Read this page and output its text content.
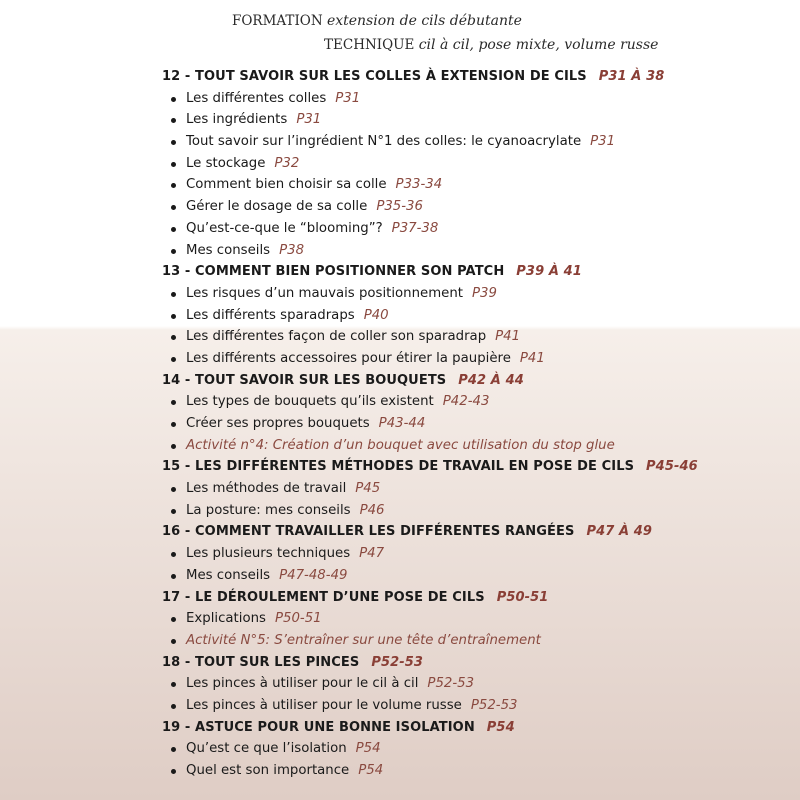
FORMATION extension de cils débutante
TECHNIQUE cil à cil, pose mixte, volume russe
12 - TOUT SAVOIR SUR LES COLLES À EXTENSION DE CILS P31 À 38
Les différentes colles P31
Les ingrédients P31
Tout savoir sur l’ingrédient N°1 des colles: le cyanoacrylate P31
Le stockage P32
Comment bien choisir sa colle P33-34
Gérer le dosage de sa colle P35-36
Qu’est-ce-que le “blooming”? P37-38
Mes conseils P38
13 - COMMENT BIEN POSITIONNER SON PATCH P39 À 41
Les risques d’un mauvais positionnement P39
Les différents sparadraps P40
Les différentes façon de coller son sparadrap P41
Les différents accessoires pour étirer la paupière P41
14 - TOUT SAVOIR SUR LES BOUQUETS P42 À 44
Les types de bouquets qu’ils existent P42-43
Créer ses propres bouquets P43-44
Activité n°4: Création d’un bouquet avec utilisation du stop glue
15 - LES DIFFÉRENTES MÉTHODES DE TRAVAIL EN POSE DE CILS P45-46
Les méthodes de travail P45
La posture: mes conseils P46
16 - COMMENT TRAVAILLER LES DIFFÉRENTES RANGÉES P47 À 49
Les plusieurs techniques P47
Mes conseils P47-48-49
17 - LE DÉROULEMENT D’UNE POSE DE CILS P50-51
Explications P50-51
Activité N°5: S’entraîner sur une tête d’entraînement
18 - TOUT SUR LES PINCES P52-53
Les pinces à utiliser pour le cil à cil P52-53
Les pinces à utiliser pour le volume russe P52-53
19 - ASTUCE POUR UNE BONNE ISOLATION P54
Qu’est ce que l’isolation P54
Quel est son importance P54
